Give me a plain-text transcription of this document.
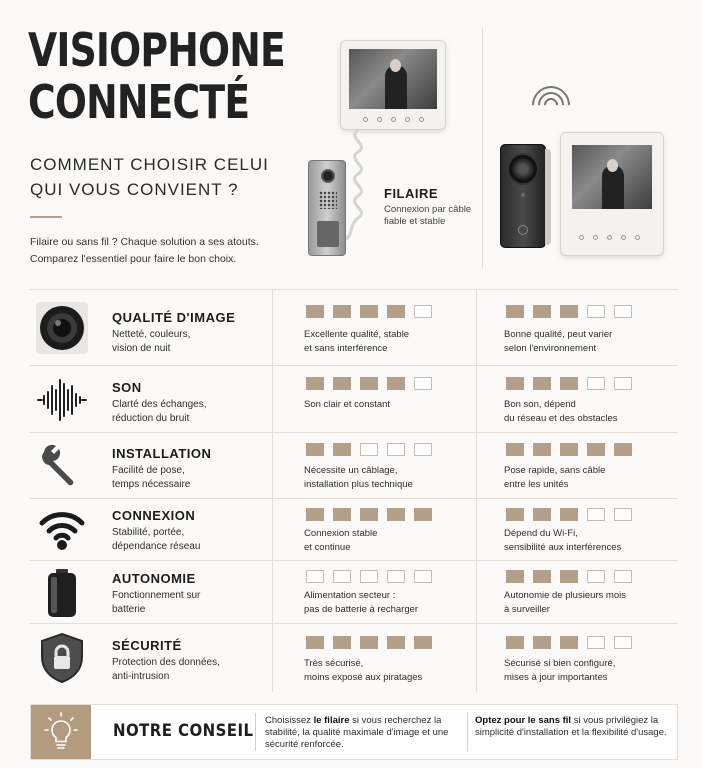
VISIOPHONE
CONNECTÉ
COMMENT CHOISIR CELUI
QUI VOUS CONVIENT ?
Filaire ou sans fil ? Chaque solution a ses atouts.
Comparez l'essentiel pour faire le bon choix.
FILAIRE
Connexion par câble
fiable et stable
QUALITÉ D'IMAGE
Netteté, couleurs,
vision de nuit
Excellente qualité, stable
et sans interférence
Bonne qualité, peut varier
selon l'environnement
SON
Clarté des échanges,
réduction du bruit
Son clair et constant	Bon son, dépend
du réseau et des obstacles
INSTALLATION
Facilité de pose,
temps nécessaire
Nécessite un câblage,
installation plus technique
Pose rapide, sans câble
entre les unités
CONNEXION
Stabilité, portée,
dépendance réseau
Connexion stable
et continue
Dépend du Wi-Fi,
sensibilité aux interférences
AUTONOMIE
Fonctionnement sur
batterie
Alimentation secteur :
pas de batterie à recharger
Autonomie de plusieurs mois
à surveiller
SÉCURITÉ
Protection des données,
anti-intrusion
Très sécurisé,
moins exposé aux piratages
Sécurisé si bien configuré,
mises à jour importantes
NOTRE CONSEIL
Choisissez le filaire si vous recherchez la stabilité, la qualité maximale d'image et une sécurité renforcée.
Optez pour le sans fil si vous privilégiez la simplicité d'installation et la flexibilité d'usage.
